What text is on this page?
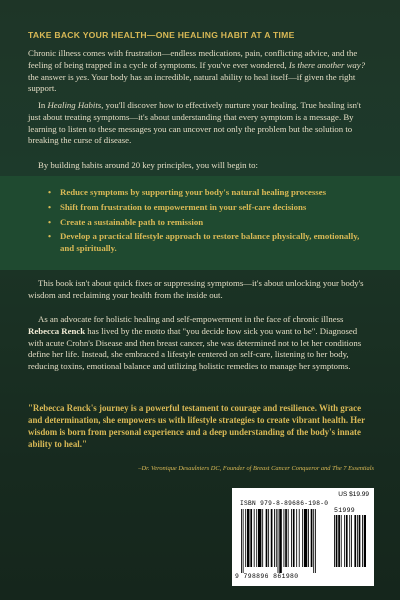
TAKE BACK YOUR HEALTH—ONE HEALING HABIT AT A TIME
Chronic illness comes with frustration—endless medications, pain, conflicting advice, and the feeling of being trapped in a cycle of symptoms. If you've ever wondered, Is there another way? the answer is yes. Your body has an incredible, natural ability to heal itself—if given the right support.
In Healing Habits, you'll discover how to effectively nurture your healing. True healing isn't just about treating symptoms—it's about understanding that every symptom is a message. By learning to listen to these messages you can uncover not only the problem but the solution to breaking the curse of disease.
By building habits around 20 key principles, you will begin to:
• Reduce symptoms by supporting your body's natural healing processes
• Shift from frustration to empowerment in your self-care decisions
• Create a sustainable path to remission
• Develop a practical lifestyle approach to restore balance physically, emotionally, and spiritually.
This book isn't about quick fixes or suppressing symptoms—it's about unlocking your body's wisdom and reclaiming your health from the inside out.
As an advocate for holistic healing and self-empowerment in the face of chronic illness Rebecca Renck has lived by the motto that "you decide how sick you want to be". Diagnosed with acute Crohn's Disease and then breast cancer, she was determined not to let her conditions define her life. Instead, she embraced a lifestyle centered on self-care, listening to her body, reducing toxins, emotional balance and utilizing holistic remedies to manage her symptoms.
"Rebecca Renck's journey is a powerful testament to courage and resilience. With grace and determination, she empowers us with lifestyle strategies to create vibrant health. Her wisdom is born from personal experience and a deep understanding of the body's innate ability to heal."
–Dr. Veronique Desaulniers DC, Founder of Breast Cancer Conqueror and The 7 Essentials
US $19.99
ISBN 979-8-89686-198-0
51999
9 798896 861980
